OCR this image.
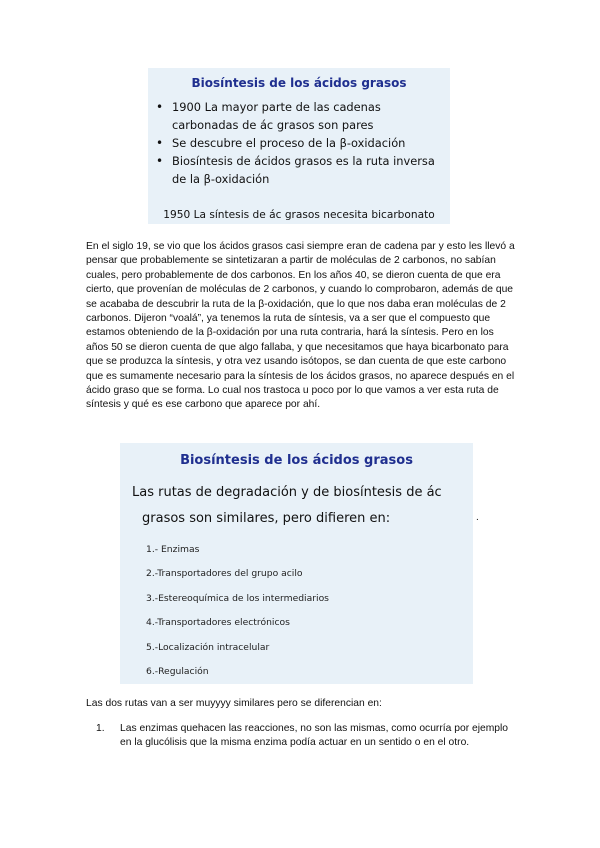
Biosíntesis de los ácidos grasos
• 1900 La mayor parte de las cadenas carbonadas de ác grasos son pares
• Se descubre el proceso de la β-oxidación
• Biosíntesis de ácidos grasos es la ruta inversa de la β-oxidación
1950 La síntesis de ác grasos necesita bicarbonato

En el siglo 19, se vio que los ácidos grasos casi siempre eran de cadena par y esto les llevó a pensar que probablemente se sintetizaran a partir de moléculas de 2 carbonos, no sabían cuales, pero probablemente de dos carbonos. En los años 40, se dieron cuenta de que era cierto, que provenían de moléculas de 2 carbonos, y cuando lo comprobaron, además de que se acababa de descubrir la ruta de la β-oxidación, que lo que nos daba eran moléculas de 2 carbonos. Dijeron “voalá”, ya tenemos la ruta de síntesis, va a ser que el compuesto que estamos obteniendo de la β-oxidación por una ruta contraria, hará la síntesis. Pero en los años 50 se dieron cuenta de que algo fallaba, y que necesitamos que haya bicarbonato para que se produzca la síntesis, y otra vez usando isótopos, se dan cuenta de que este carbono que es sumamente necesario para la síntesis de los ácidos grasos, no aparece después en el ácido graso que se forma. Lo cual nos trastoca u poco por lo que vamos a ver esta ruta de síntesis y qué es ese carbono que aparece por ahí.

Biosíntesis de los ácidos grasos
Las rutas de degradación y de biosíntesis de ác
grasos son similares, pero difieren en:
1.- Enzimas
2.-Transportadores del grupo acilo
3.-Estereoquímica de los intermediarios
4.-Transportadores electrónicos
5.-Localización intracelular
6.-Regulación
.

Las dos rutas van a ser muyyyy similares pero se diferencian en:

1. Las enzimas quehacen las reacciones, no son las mismas, como ocurría por ejemplo en la glucólisis que la misma enzima podía actuar en un sentido o en el otro.
